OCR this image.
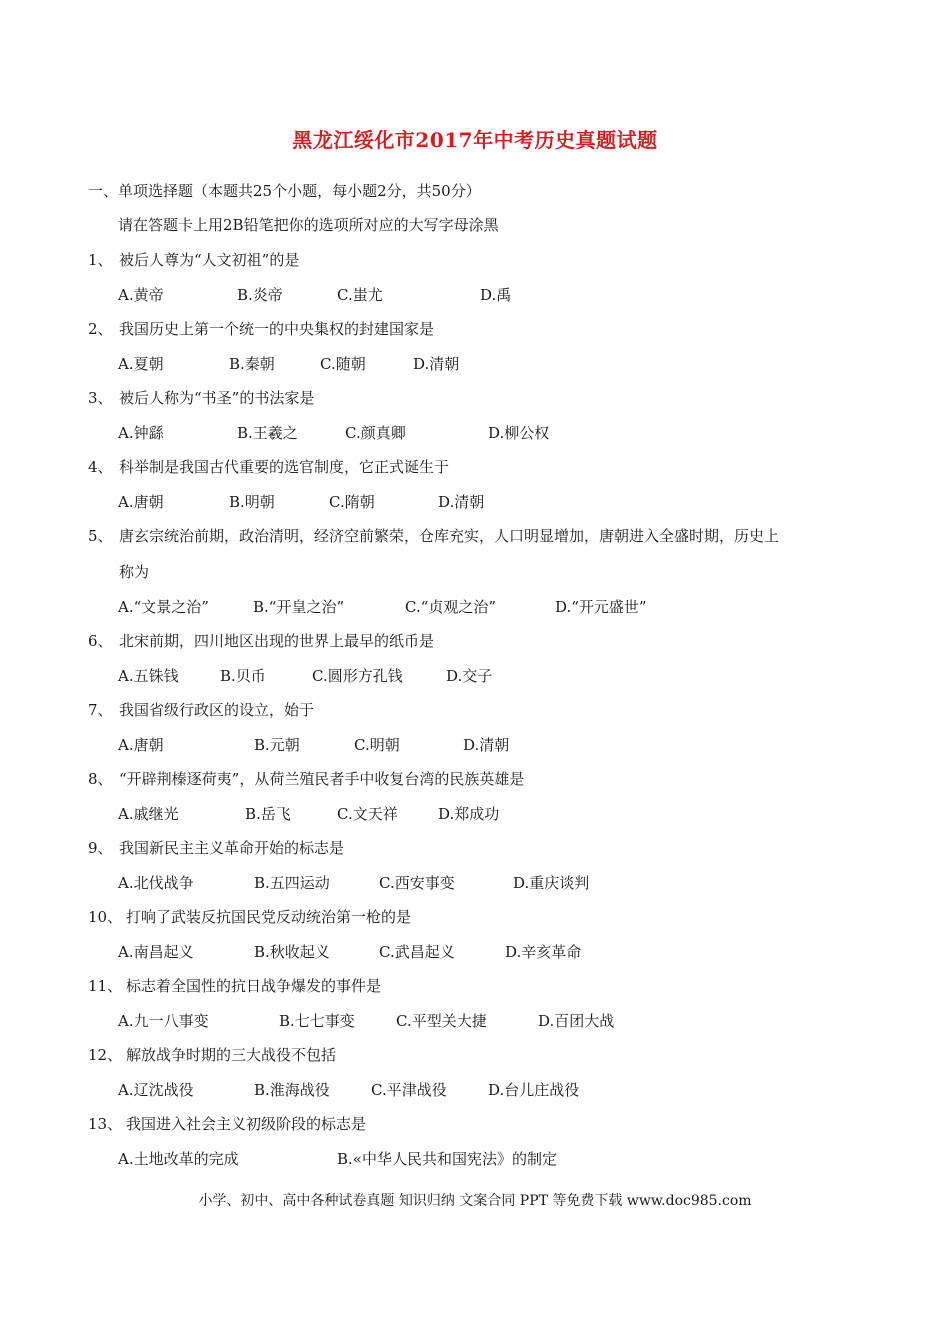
黑龙江绥化市2017年中考历史真题试题
一、单项选择题（本题共25个小题，每小题2分，共50分）
请在答题卡上用2B铅笔把你的选项所对应的大写字母涂黑
1、 被后人尊为“人文初祖”的是
A.黄帝	B.炎帝	C.蚩尤	D.禹
2、 我国历史上第一个统一的中央集权的封建国家是
A.夏朝	B.秦朝	C.随朝	D.清朝
3、 被后人称为“书圣”的书法家是
A.钟繇	B.王羲之	C.颜真卿	D.柳公权
4、 科举制是我国古代重要的选官制度，它正式诞生于
A.唐朝	B.明朝	C.隋朝	D.清朝
5、 唐玄宗统治前期，政治清明，经济空前繁荣，仓库充实，人口明显增加，唐朝进入全盛时期，历史上
称为
A.“文景之治”	B.“开皇之治”	C.“贞观之治”	D.“开元盛世”
6、 北宋前期，四川地区出现的世界上最早的纸币是
A.五铢钱	B.贝币	C.圆形方孔钱	D.交子
7、 我国省级行政区的设立，始于
A.唐朝	B.元朝	C.明朝	D.清朝
8、 “开辟荆榛逐荷夷”，从荷兰殖民者手中收复台湾的民族英雄是
A.戚继光	B.岳飞	C.文天祥	D.郑成功
9、 我国新民主主义革命开始的标志是
A.北伐战争	B.五四运动	C.西安事变	D.重庆谈判
10、 打响了武装反抗国民党反动统治第一枪的是
A.南昌起义	B.秋收起义	C.武昌起义	D.辛亥革命
11、 标志着全国性的抗日战争爆发的事件是
A.九一八事变	B.七七事变	C.平型关大捷	D.百团大战
12、 解放战争时期的三大战役不包括
A.辽沈战役	B.淮海战役	C.平津战役	D.台儿庄战役
13、 我国进入社会主义初级阶段的标志是
A.土地改革的完成	B.«中华人民共和国宪法》的制定
小学、初中、高中各种试卷真题 知识归纳 文案合同 PPT 等免费下载 www.doc985.com
